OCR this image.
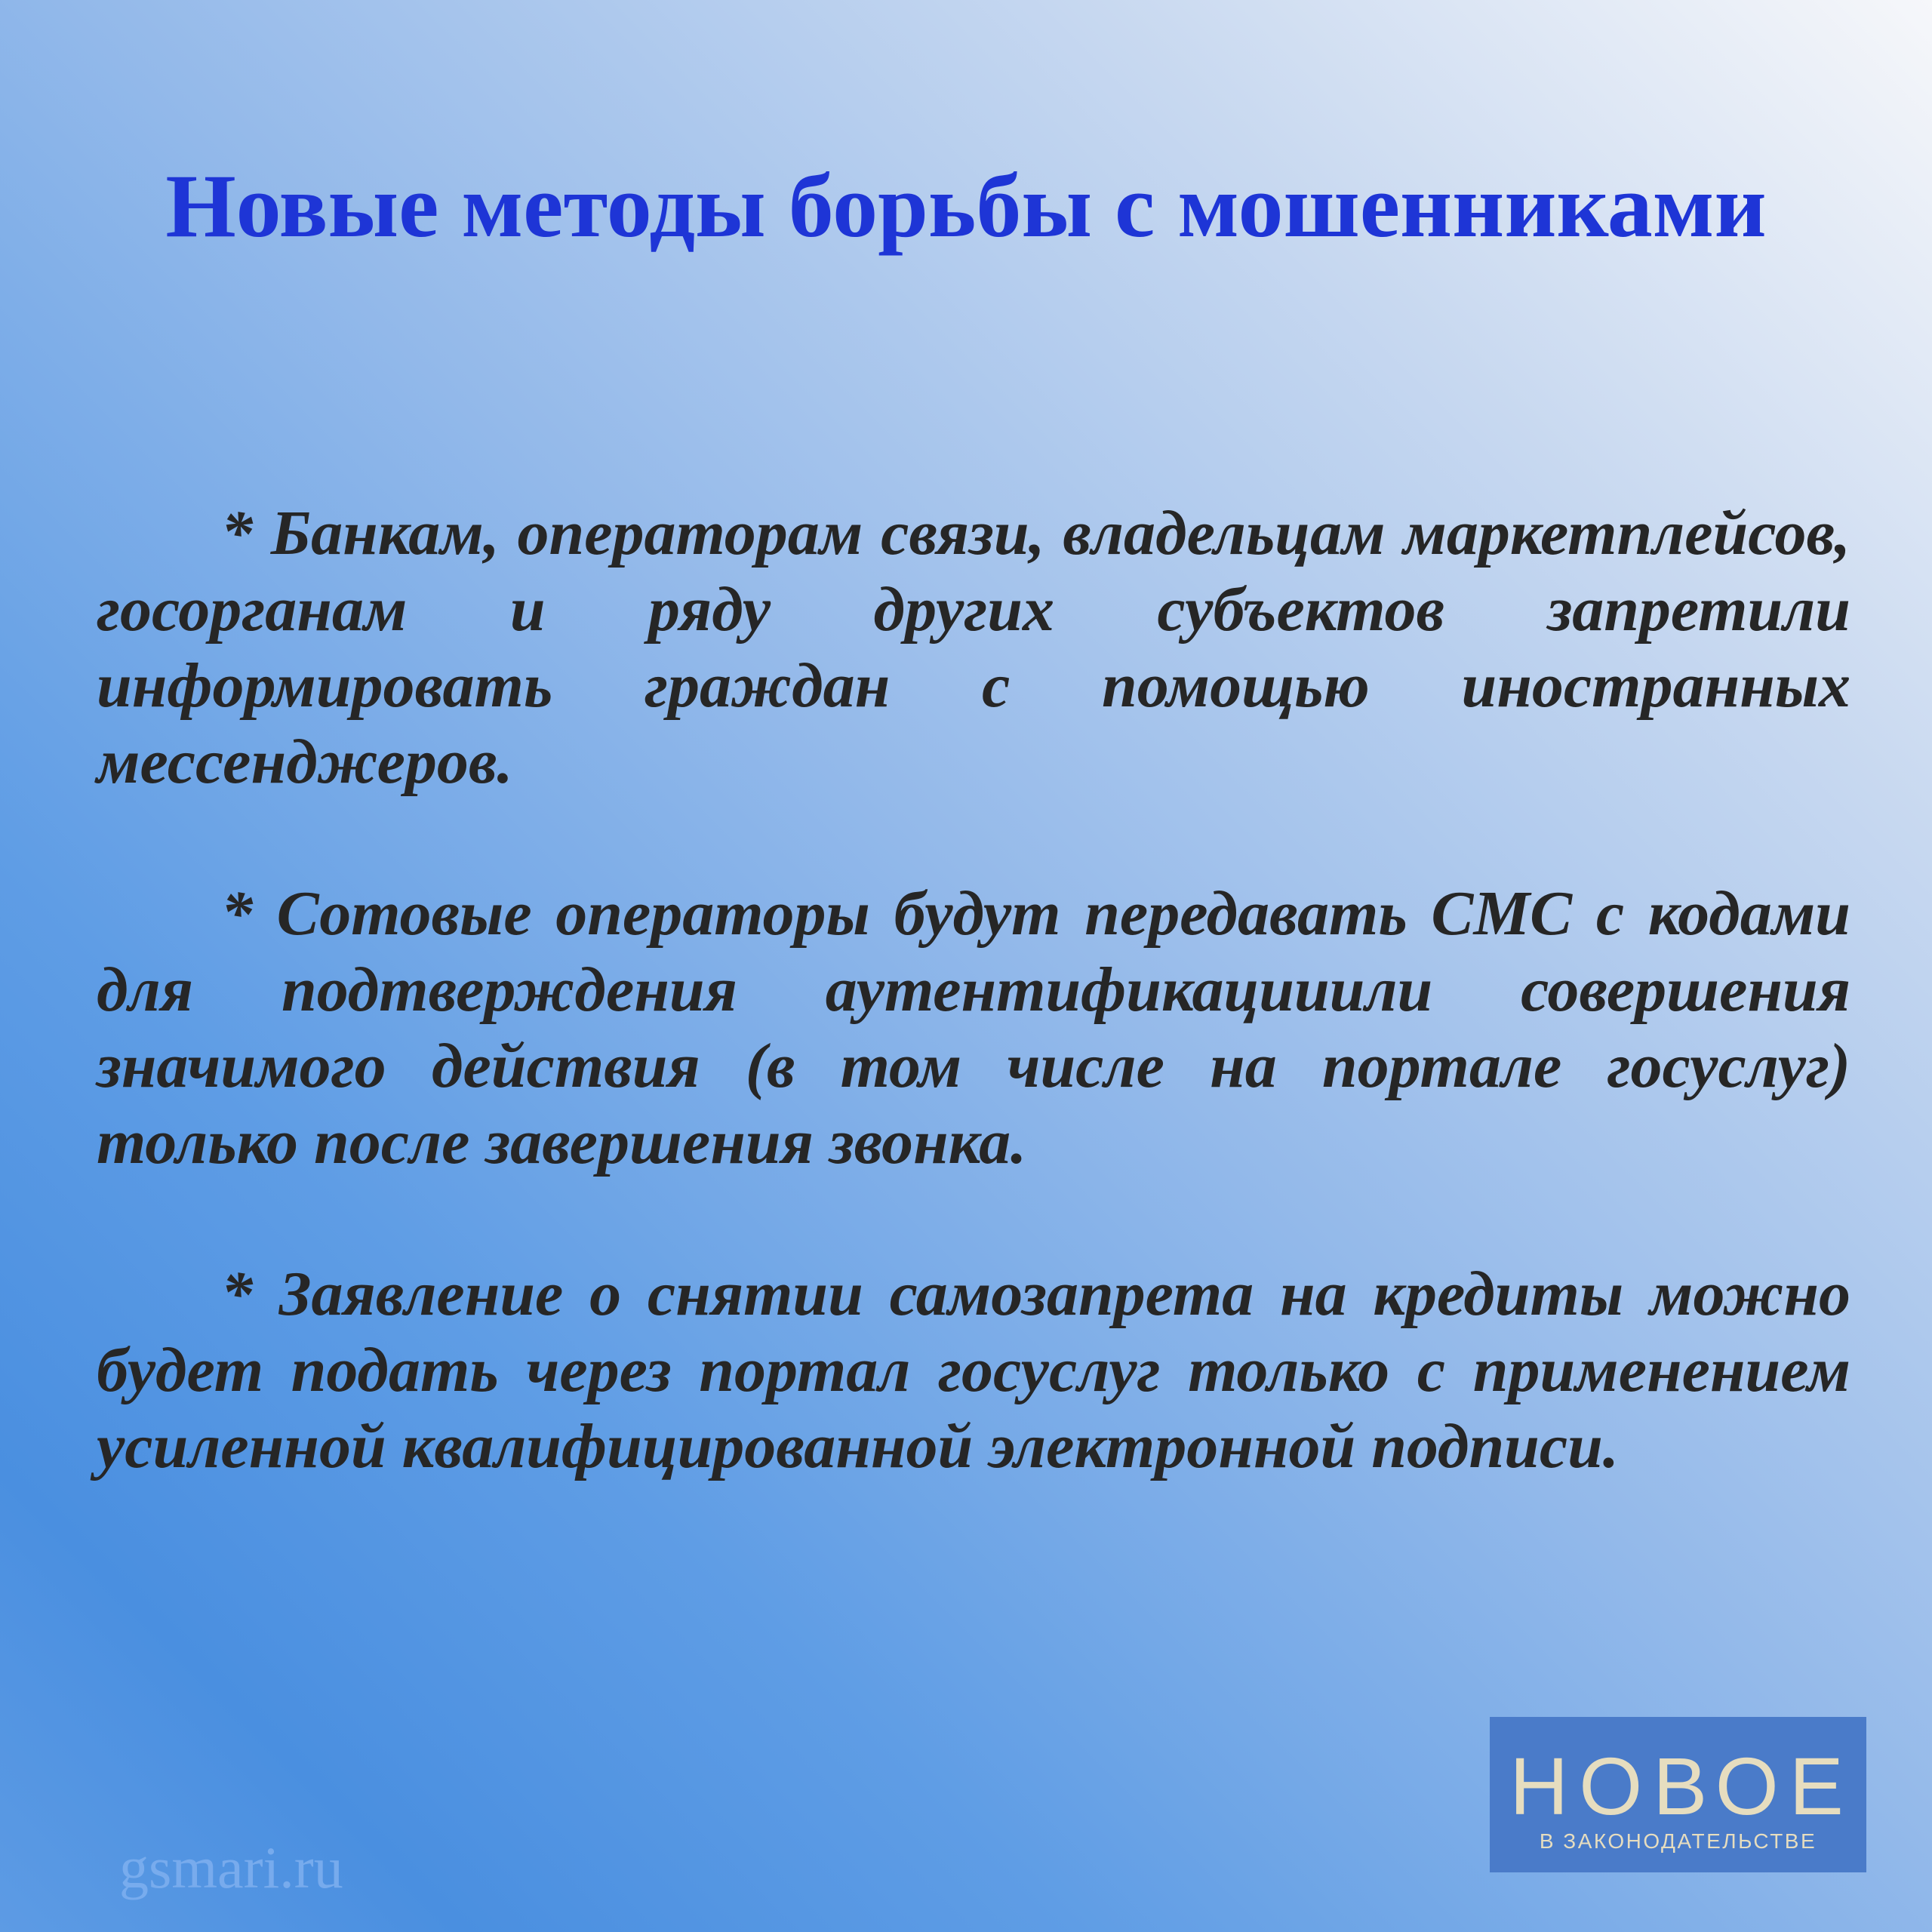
Новые методы борьбы с мошенниками

* Банкам, операторам связи, владельцам маркетплейсов, госорганам и ряду других субъектов запретили информировать граждан с помощью иностранных мессенджеров.

* Сотовые операторы будут передавать СМС с кодами для подтверждения аутентификацииили совершения значимого действия (в том числе на портале госуслуг) только после завершения звонка.

* Заявление о снятии самозапрета на кредиты можно будет подать через портал госуслуг только с применением усиленной квалифицированной электронной подписи.

НОВОЕ
В ЗАКОНОДАТЕЛЬСТВЕ
gsmari.ru
